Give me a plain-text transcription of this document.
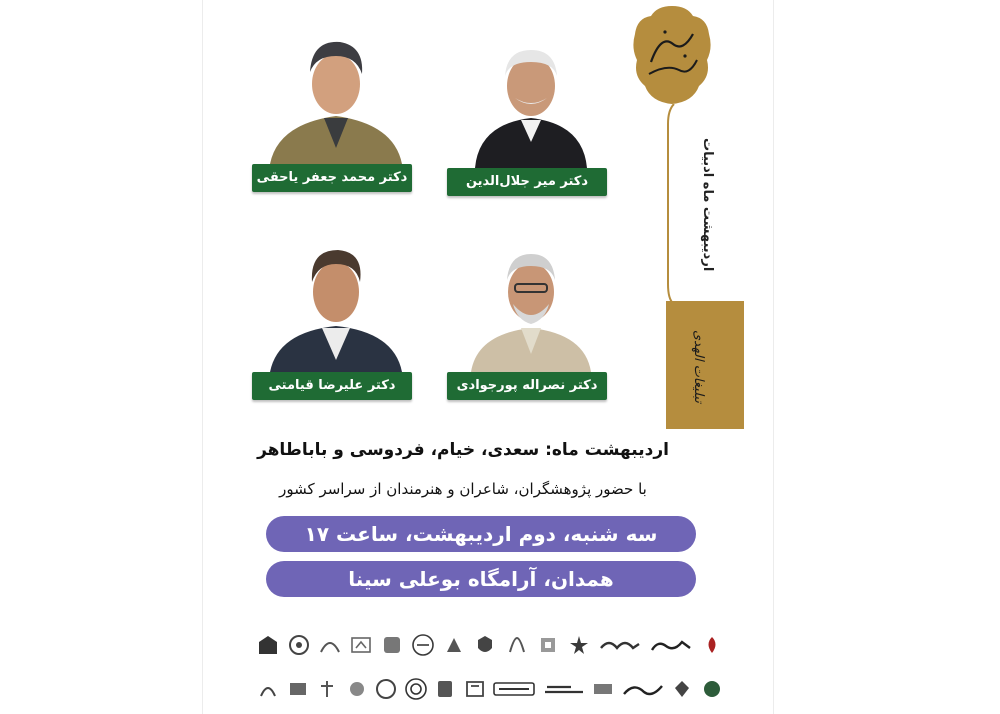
دکتر میر جلال‌الدین کزازی
دکتر محمد جعفر یاحقی
دکتر نصراله پورجوادی
دکتر علیرضا قیامتی
اردیبهشت ماه ادبیات
تبلیغات الهدی
اردیبهشت ماه: سعدی، خیام، فردوسی و باباطاهر
با حضور پژوهشگران، شاعران و هنرمندان از سراسر کشور
سه شنبه، دوم اردیبهشت، ساعت ۱۷
همدان، آرامگاه بوعلی سینا
